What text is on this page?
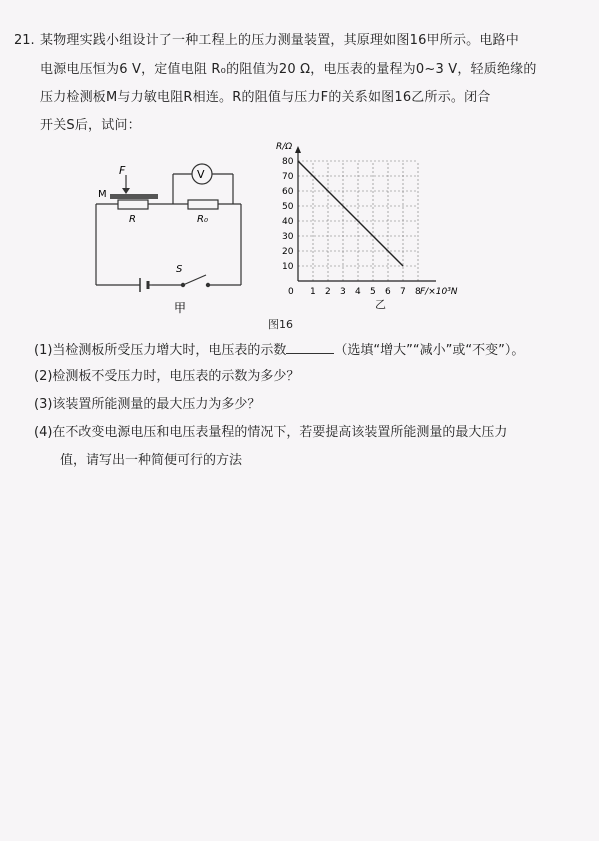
21. 某物理实践小组设计了一种工程上的压力测量装置，其原理如图16甲所示。电路中
电源电压恒为6 V，定值电阻 R₀的阻值为20 Ω，电压表的量程为0~3 V，轻质绝缘的
压力检测板M与力敏电阻R相连。R的阻值与压力F的关系如图16乙所示。闭合
开关S后，试问：
F
M
R	R₀
V
S
甲
0 1 2 3 4 5 6 7 8
10
20
30
40
50
60
70
80
F/×10³N
R/Ω
乙
图16
(1)当检测板所受压力增大时，电压表的示数	（选填“增大”“减小”或“不变”）。
(2)检测板不受压力时，电压表的示数为多少？
(3)该装置所能测量的最大压力为多少？
(4)在不改变电源电压和电压表量程的情况下，若要提高该装置所能测量的最大压力
值，请写出一种简便可行的方法
